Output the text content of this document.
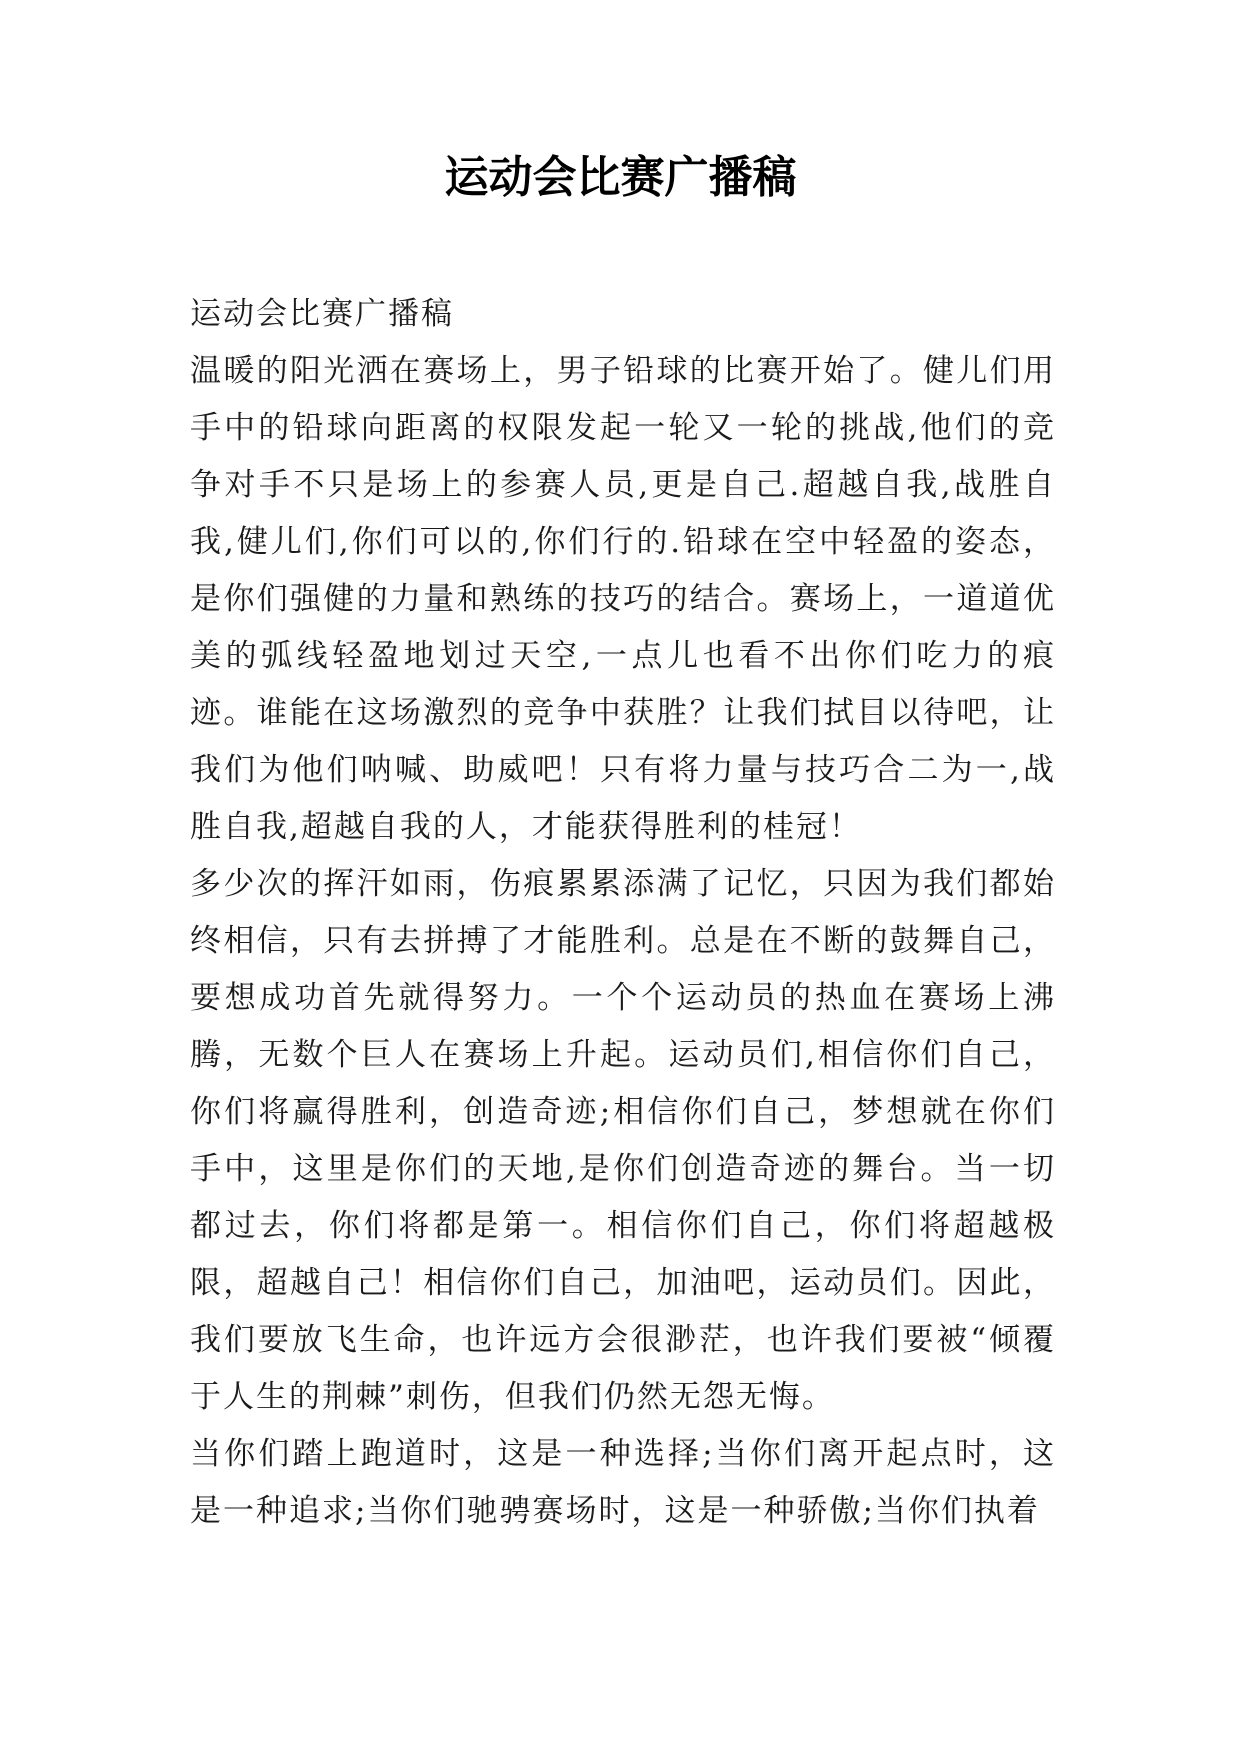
运动会比赛广播稿

运动会比赛广播稿

温暖的阳光洒在赛场上，男子铅球的比赛开始了。健儿们用手中的铅球向距离的权限发起一轮又一轮的挑战,他们的竞争对手不只是场上的参赛人员,更是自己.超越自我,战胜自我,健儿们,你们可以的,你们行的.铅球在空中轻盈的姿态，是你们强健的力量和熟练的技巧的结合。赛场上，一道道优美的弧线轻盈地划过天空,一点儿也看不出你们吃力的痕迹。谁能在这场激烈的竞争中获胜？让我们拭目以待吧，让我们为他们呐喊、助威吧！只有将力量与技巧合二为一,战胜自我,超越自我的人，才能获得胜利的桂冠！

多少次的挥汗如雨，伤痕累累添满了记忆，只因为我们都始终相信，只有去拼搏了才能胜利。总是在不断的鼓舞自己，要想成功首先就得努力。一个个运动员的热血在赛场上沸腾，无数个巨人在赛场上升起。运动员们,相信你们自己，你们将赢得胜利，创造奇迹;相信你们自己，梦想就在你们手中，这里是你们的天地,是你们创造奇迹的舞台。当一切都过去，你们将都是第一。相信你们自己，你们将超越极限，超越自己！相信你们自己，加油吧，运动员们。因此，我们要放飞生命，也许远方会很渺茫，也许我们要被“倾覆于人生的荆棘”刺伤，但我们仍然无怨无悔。

当你们踏上跑道时，这是一种选择;当你们离开起点时，这是一种追求;当你们驰骋赛场时，这是一种骄傲;当你们执着
